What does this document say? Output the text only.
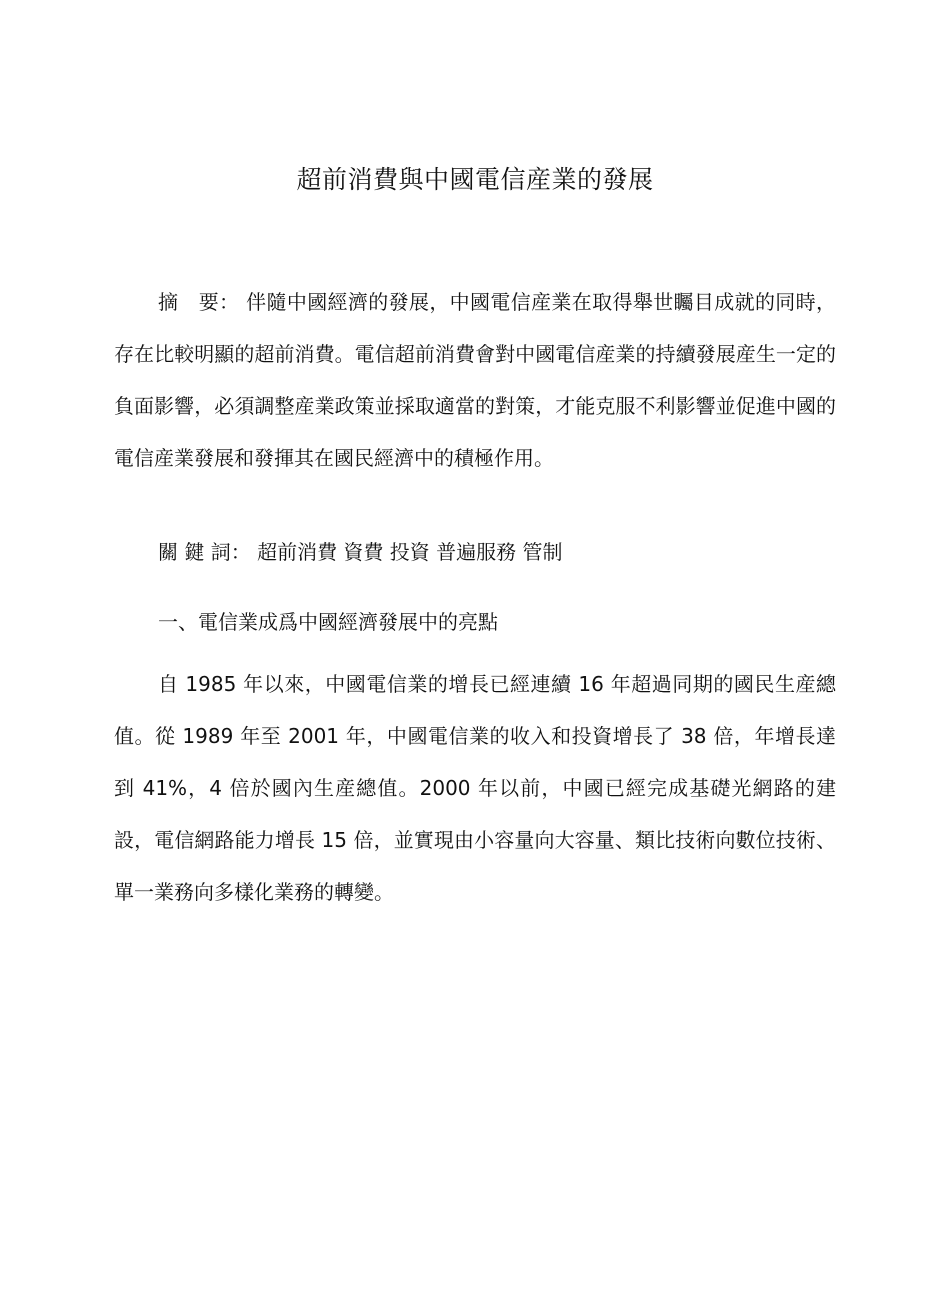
超前消費與中國電信産業的發展

摘　要： 伴隨中國經濟的發展，中國電信産業在取得舉世矚目成就的同時，存在比較明顯的超前消費。電信超前消費會對中國電信産業的持續發展産生一定的負面影響，必須調整産業政策並採取適當的對策，才能克服不利影響並促進中國的電信産業發展和發揮其在國民經濟中的積極作用。

關 鍵 詞： 超前消費 資費 投資 普遍服務 管制

一、電信業成爲中國經濟發展中的亮點

自 1985 年以來，中國電信業的增長已經連續 16 年超過同期的國民生産總值。從 1989 年至 2001 年，中國電信業的收入和投資增長了 38 倍，年增長達到 41%，4 倍於國內生産總值。2000 年以前，中國已經完成基礎光網路的建設，電信網路能力增長 15 倍，並實現由小容量向大容量、類比技術向數位技術、單一業務向多樣化業務的轉變。
